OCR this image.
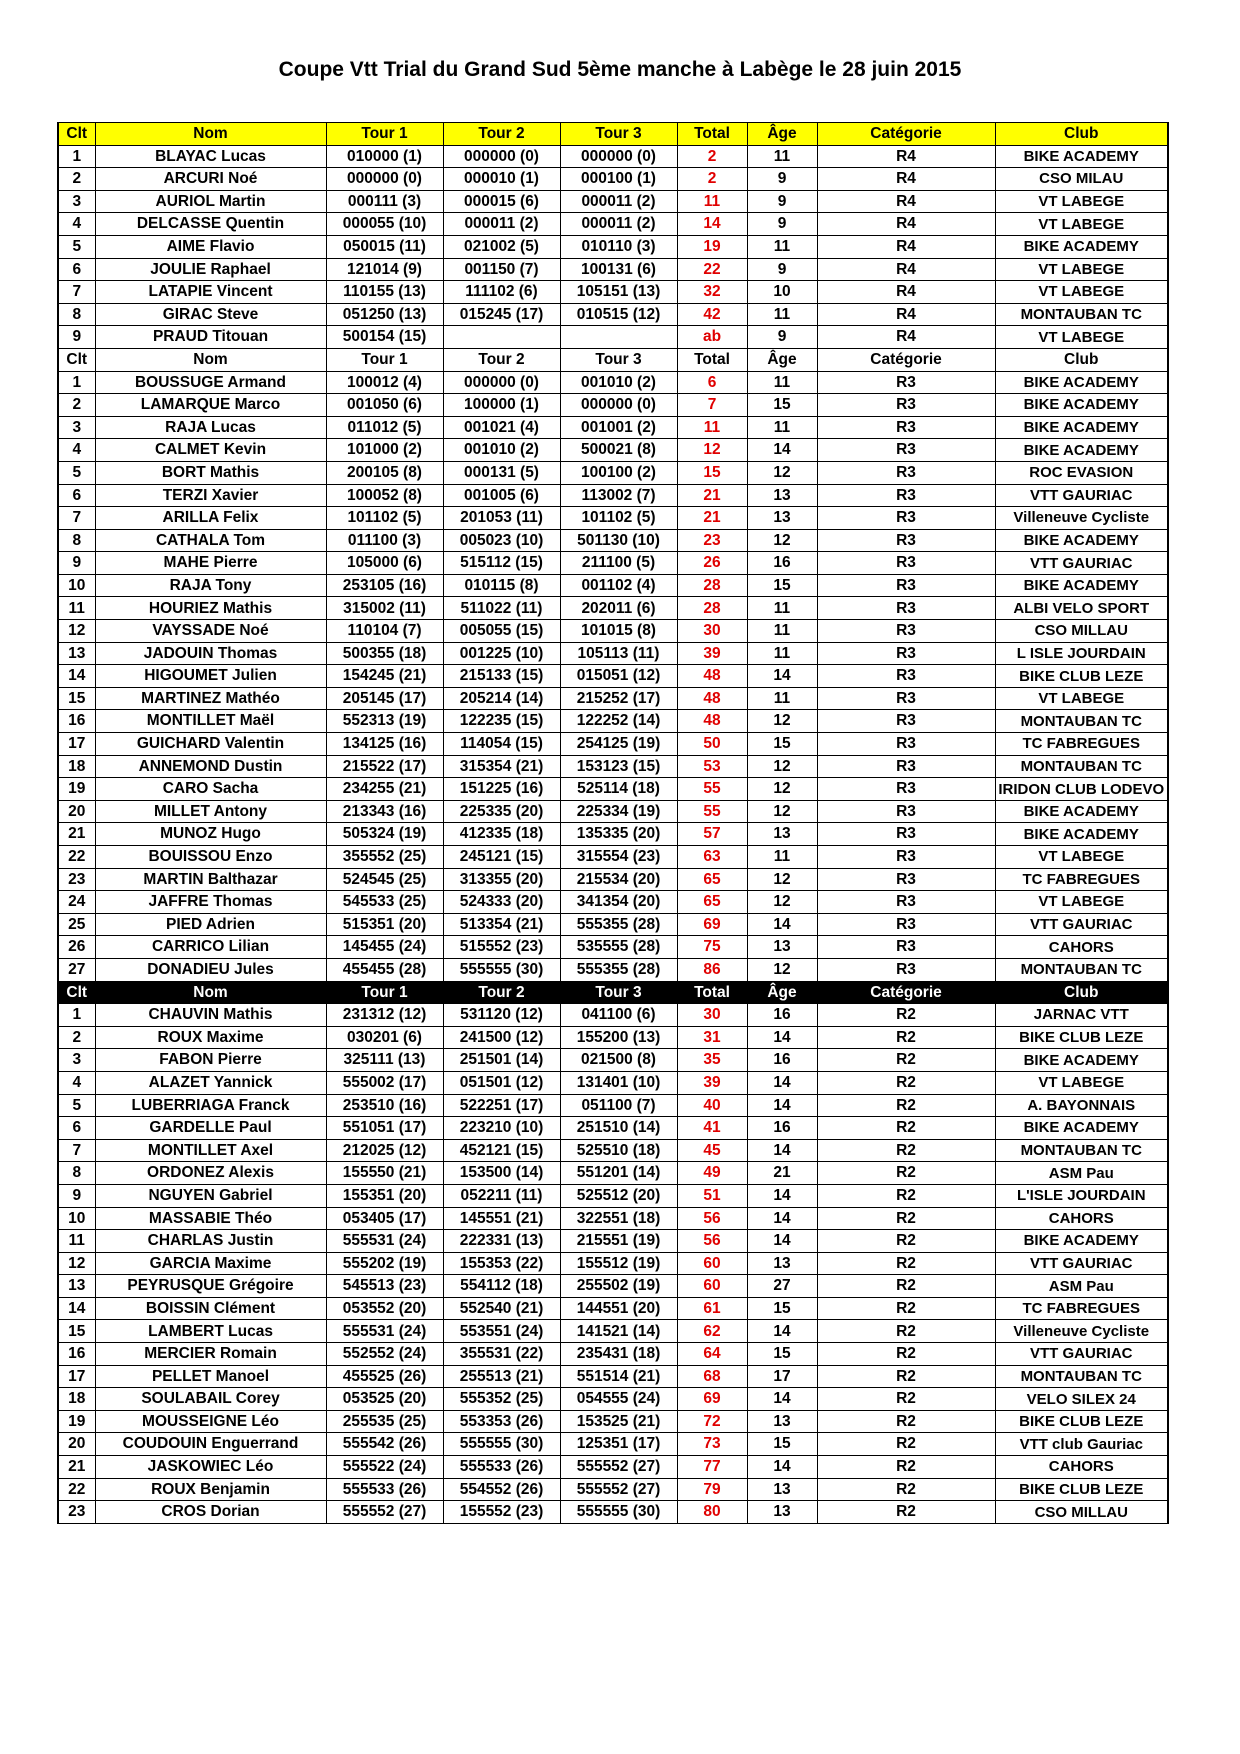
Coupe Vtt Trial du Grand Sud 5ème manche à Labège le 28 juin 2015
Clt	Nom	Tour 1	Tour 2	Tour 3	Total	Âge	Catégorie	Club
1	BLAYAC Lucas	010000 (1)	000000 (0)	000000 (0)	2	11	R4	BIKE ACADEMY
2	ARCURI Noé	000000 (0)	000010 (1)	000100 (1)	2	9	R4	CSO MILAU
3	AURIOL Martin	000111 (3)	000015 (6)	000011 (2)	11	9	R4	VT LABEGE
4	DELCASSE Quentin	000055 (10)	000011 (2)	000011 (2)	14	9	R4	VT LABEGE
5	AIME Flavio	050015 (11)	021002 (5)	010110 (3)	19	11	R4	BIKE ACADEMY
6	JOULIE Raphael	121014 (9)	001150 (7)	100131 (6)	22	9	R4	VT LABEGE
7	LATAPIE Vincent	110155 (13)	111102 (6)	105151 (13)	32	10	R4	VT LABEGE
8	GIRAC Steve	051250 (13)	015245 (17)	010515 (12)	42	11	R4	MONTAUBAN TC
9	PRAUD Titouan	500154 (15)			ab	9	R4	VT LABEGE
Clt	Nom	Tour 1	Tour 2	Tour 3	Total	Âge	Catégorie	Club
1	BOUSSUGE Armand	100012 (4)	000000 (0)	001010 (2)	6	11	R3	BIKE ACADEMY
2	LAMARQUE Marco	001050 (6)	100000 (1)	000000 (0)	7	15	R3	BIKE ACADEMY
3	RAJA Lucas	011012 (5)	001021 (4)	001001 (2)	11	11	R3	BIKE ACADEMY
4	CALMET Kevin	101000 (2)	001010 (2)	500021 (8)	12	14	R3	BIKE ACADEMY
5	BORT Mathis	200105 (8)	000131 (5)	100100 (2)	15	12	R3	ROC EVASION
6	TERZI Xavier	100052 (8)	001005 (6)	113002 (7)	21	13	R3	VTT GAURIAC
7	ARILLA Felix	101102 (5)	201053 (11)	101102 (5)	21	13	R3	Villeneuve Cycliste
8	CATHALA Tom	011100 (3)	005023 (10)	501130 (10)	23	12	R3	BIKE ACADEMY
9	MAHE Pierre	105000 (6)	515112 (15)	211100 (5)	26	16	R3	VTT GAURIAC
10	RAJA Tony	253105 (16)	010115 (8)	001102 (4)	28	15	R3	BIKE ACADEMY
11	HOURIEZ Mathis	315002 (11)	511022 (11)	202011 (6)	28	11	R3	ALBI VELO SPORT
12	VAYSSADE Noé	110104 (7)	005055 (15)	101015 (8)	30	11	R3	CSO MILLAU
13	JADOUIN Thomas	500355 (18)	001225 (10)	105113 (11)	39	11	R3	L ISLE JOURDAIN
14	HIGOUMET Julien	154245 (21)	215133 (15)	015051 (12)	48	14	R3	BIKE CLUB LEZE
15	MARTINEZ Mathéo	205145 (17)	205214 (14)	215252 (17)	48	11	R3	VT LABEGE
16	MONTILLET Maël	552313 (19)	122235 (15)	122252 (14)	48	12	R3	MONTAUBAN TC
17	GUICHARD Valentin	134125 (16)	114054 (15)	254125 (19)	50	15	R3	TC FABREGUES
18	ANNEMOND Dustin	215522 (17)	315354 (21)	153123 (15)	53	12	R3	MONTAUBAN TC
19	CARO Sacha	234255 (21)	151225 (16)	525114 (18)	55	12	R3	IRIDON CLUB LODEVO
20	MILLET Antony	213343 (16)	225335 (20)	225334 (19)	55	12	R3	BIKE ACADEMY
21	MUNOZ Hugo	505324 (19)	412335 (18)	135335 (20)	57	13	R3	BIKE ACADEMY
22	BOUISSOU Enzo	355552 (25)	245121 (15)	315554 (23)	63	11	R3	VT LABEGE
23	MARTIN Balthazar	524545 (25)	313355 (20)	215534 (20)	65	12	R3	TC FABREGUES
24	JAFFRE Thomas	545533 (25)	524333 (20)	341354 (20)	65	12	R3	VT LABEGE
25	PIED Adrien	515351 (20)	513354 (21)	555355 (28)	69	14	R3	VTT GAURIAC
26	CARRICO Lilian	145455 (24)	515552 (23)	535555 (28)	75	13	R3	CAHORS
27	DONADIEU Jules	455455 (28)	555555 (30)	555355 (28)	86	12	R3	MONTAUBAN TC
Clt	Nom	Tour 1	Tour 2	Tour 3	Total	Âge	Catégorie	Club
1	CHAUVIN Mathis	231312 (12)	531120 (12)	041100 (6)	30	16	R2	JARNAC VTT
2	ROUX Maxime	030201 (6)	241500 (12)	155200 (13)	31	14	R2	BIKE CLUB LEZE
3	FABON Pierre	325111 (13)	251501 (14)	021500 (8)	35	16	R2	BIKE ACADEMY
4	ALAZET Yannick	555002 (17)	051501 (12)	131401 (10)	39	14	R2	VT LABEGE
5	LUBERRIAGA Franck	253510 (16)	522251 (17)	051100 (7)	40	14	R2	A. BAYONNAIS
6	GARDELLE Paul	551051 (17)	223210 (10)	251510 (14)	41	16	R2	BIKE ACADEMY
7	MONTILLET Axel	212025 (12)	452121 (15)	525510 (18)	45	14	R2	MONTAUBAN TC
8	ORDONEZ Alexis	155550 (21)	153500 (14)	551201 (14)	49	21	R2	ASM Pau
9	NGUYEN Gabriel	155351 (20)	052211 (11)	525512 (20)	51	14	R2	L'ISLE JOURDAIN
10	MASSABIE Théo	053405 (17)	145551 (21)	322551 (18)	56	14	R2	CAHORS
11	CHARLAS Justin	555531 (24)	222331 (13)	215551 (19)	56	14	R2	BIKE ACADEMY
12	GARCIA Maxime	555202 (19)	155353 (22)	155512 (19)	60	13	R2	VTT GAURIAC
13	PEYRUSQUE Grégoire	545513 (23)	554112 (18)	255502 (19)	60	27	R2	ASM Pau
14	BOISSIN Clément	053552 (20)	552540 (21)	144551 (20)	61	15	R2	TC FABREGUES
15	LAMBERT Lucas	555531 (24)	553551 (24)	141521 (14)	62	14	R2	Villeneuve Cycliste
16	MERCIER Romain	552552 (24)	355531 (22)	235431 (18)	64	15	R2	VTT GAURIAC
17	PELLET Manoel	455525 (26)	255513 (21)	551514 (21)	68	17	R2	MONTAUBAN TC
18	SOULABAIL Corey	053525 (20)	555352 (25)	054555 (24)	69	14	R2	VELO SILEX 24
19	MOUSSEIGNE Léo	255535 (25)	553353 (26)	153525 (21)	72	13	R2	BIKE CLUB LEZE
20	COUDOUIN Enguerrand	555542 (26)	555555 (30)	125351 (17)	73	15	R2	VTT club Gauriac
21	JASKOWIEC Léo	555522 (24)	555533 (26)	555552 (27)	77	14	R2	CAHORS
22	ROUX Benjamin	555533 (26)	554552 (26)	555552 (27)	79	13	R2	BIKE CLUB LEZE
23	CROS Dorian	555552 (27)	155552 (23)	555555 (30)	80	13	R2	CSO MILLAU
